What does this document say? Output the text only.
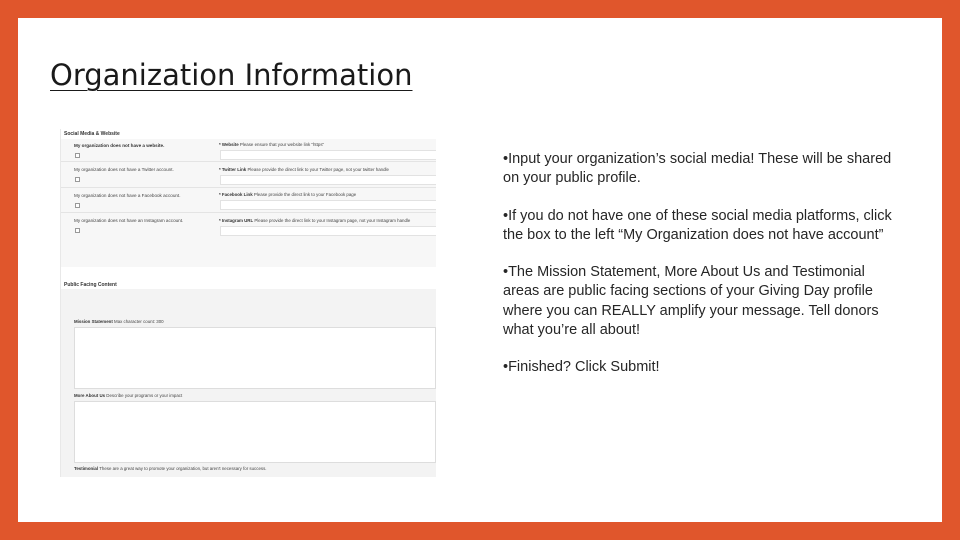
Organization Information
Social Media & Website
My organization does not have a website.	* Website Please ensure that your website link "https"
My organization does not have a Twitter account.	* Twitter Link Please provide the direct link to your Twitter page, not your twitter handle
My organization does not have a Facebook account.	* Facebook Link Please provide the direct link to your Facebook page
My organization does not have an Instagram account.	* Instagram URL Please provide the direct link to your Instagram page, not your Instagram handle
Public Facing Content
Mission Statement Max character count: 300
More About Us Describe your programs or your impact
Testimonial These are a great way to promote your organization, but aren't necessary for success.

•Input your organization’s social media! These will be shared on your public profile.

•If you do not have one of these social media platforms, click the box to the left “My Organization does not have account”

•The Mission Statement, More About Us and Testimonial areas are public facing sections of your Giving Day profile where you can REALLY amplify your message. Tell donors what you’re all about!

•Finished? Click Submit!
